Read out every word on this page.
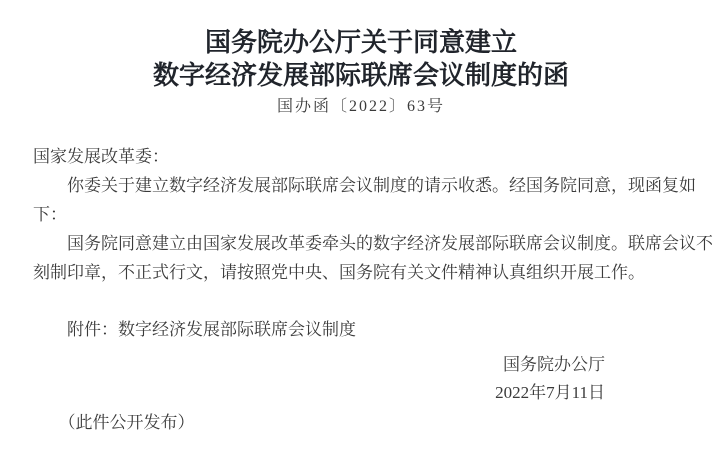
国务院办公厅关于同意建立
数字经济发展部际联席会议制度的函
国办函〔2022〕63号

国家发展改革委：

你委关于建立数字经济发展部际联席会议制度的请示收悉。经国务院同意，现函复如
下：

国务院同意建立由国家发展改革委牵头的数字经济发展部际联席会议制度。联席会议不
刻制印章，不正式行文，请按照党中央、国务院有关文件精神认真组织开展工作。

附件：数字经济发展部际联席会议制度
国务院办公厅
2022年7月11日
（此件公开发布）
